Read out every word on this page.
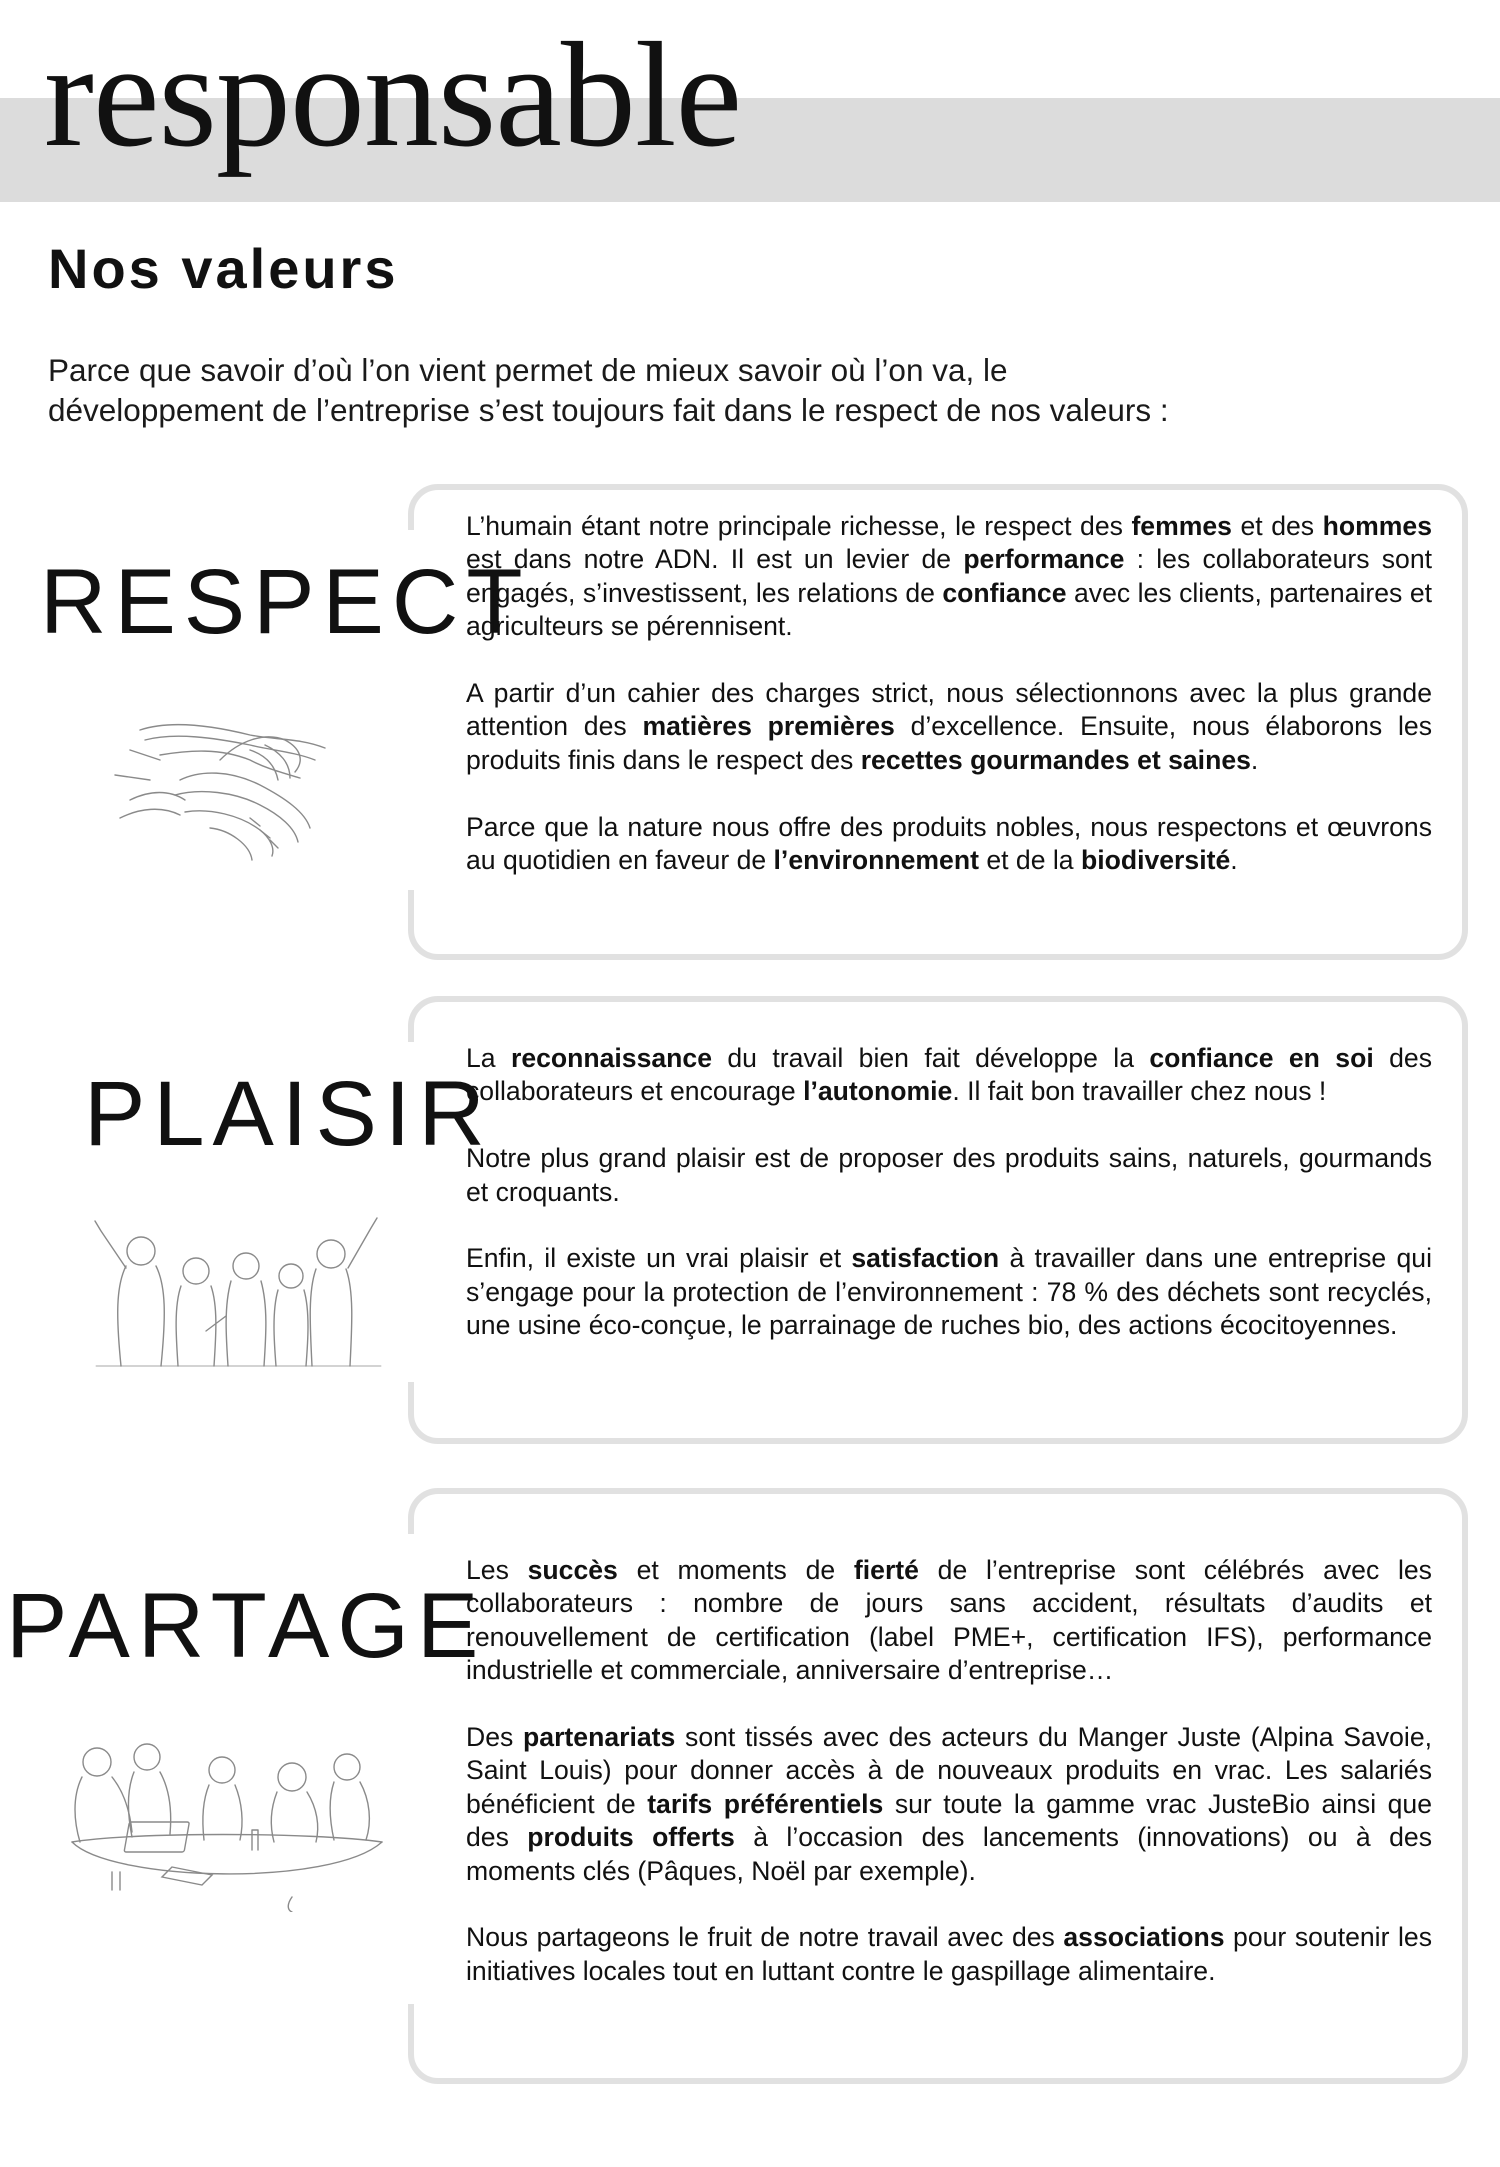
responsable
Nos valeurs
Parce que savoir d’où l’on vient permet de mieux savoir où l’on va, le
développement de l’entreprise s’est toujours fait dans le respect de nos valeurs :
RESPECT

L’humain étant notre principale richesse, le respect des femmes et des hommes est dans notre ADN. Il est un levier de performance : les collaborateurs sont engagés, s’investissent, les relations de confiance avec les clients, partenaires et agriculteurs se pérennisent.

A partir d’un cahier des charges strict, nous sélectionnons avec la plus grande attention des matières premières d’excellence. Ensuite, nous élaborons les produits finis dans le respect des recettes gourmandes et saines.

Parce que la nature nous offre des produits nobles, nous respectons et œuvrons au quotidien en faveur de l’environnement et de la biodiversité.

PLAISIR

La reconnaissance du travail bien fait développe la confiance en soi des collaborateurs et encourage l’autonomie. Il fait bon travailler chez nous !

Notre plus grand plaisir est de proposer des produits sains, naturels, gourmands et croquants.

Enfin, il existe un vrai plaisir et satisfaction à travailler dans une entreprise qui s’engage pour la protection de l’environnement : 78 % des déchets sont recyclés, une usine éco-conçue, le parrainage de ruches bio, des actions écocitoyennes.

PARTAGE

Les succès et moments de fierté de l’entreprise sont célébrés avec les collaborateurs : nombre de jours sans accident, résultats d’audits et renouvellement de certification (label PME+, certification IFS), performance industrielle et commerciale, anniversaire d’entreprise…

Des partenariats sont tissés avec des acteurs du Manger Juste (Alpina Savoie, Saint Louis) pour donner accès à de nouveaux produits en vrac. Les salariés bénéficient de tarifs préférentiels sur toute la gamme vrac JusteBio ainsi que des produits offerts à l’occasion des lancements (innovations) ou à des moments clés (Pâques, Noël par exemple).

Nous partageons le fruit de notre travail avec des associations pour soutenir les initiatives locales tout en luttant contre le gaspillage alimentaire.
